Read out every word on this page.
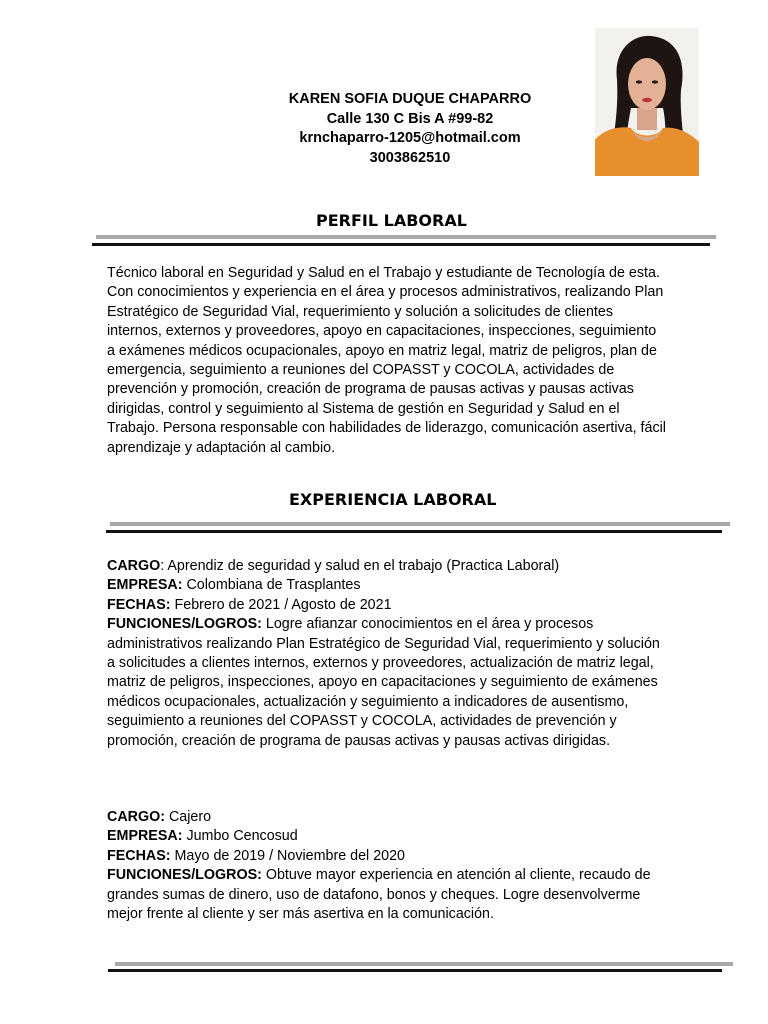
KAREN SOFIA DUQUE CHAPARRO
Calle 130 C Bis A #99-82
krnchaparro-1205@hotmail.com
3003862510
PERFIL LABORAL

Técnico laboral en Seguridad y Salud en el Trabajo y estudiante de Tecnología de esta. Con conocimientos y experiencia en el área y procesos administrativos, realizando Plan Estratégico de Seguridad Vial, requerimiento y solución a solicitudes de clientes internos, externos y proveedores, apoyo en capacitaciones, inspecciones, seguimiento a exámenes médicos ocupacionales, apoyo en matriz legal, matriz de peligros, plan de emergencia, seguimiento a reuniones del COPASST y COCOLA, actividades de prevención y promoción, creación de programa de pausas activas y pausas activas dirigidas, control y seguimiento al Sistema de gestión en Seguridad y Salud en el Trabajo. Persona responsable con habilidades de liderazgo, comunicación asertiva, fácil aprendizaje y adaptación al cambio.

EXPERIENCIA LABORAL

CARGO: Aprendiz de seguridad y salud en el trabajo (Practica Laboral)

EMPRESA: Colombiana de Trasplantes

FECHAS: Febrero de 2021 / Agosto de 2021

FUNCIONES/LOGROS: Logre afianzar conocimientos en el área y procesos administrativos realizando Plan Estratégico de Seguridad Vial, requerimiento y solución a solicitudes a clientes internos, externos y proveedores, actualización de matriz legal, matriz de peligros, inspecciones, apoyo en capacitaciones y seguimiento de exámenes médicos ocupacionales, actualización y seguimiento a indicadores de ausentismo, seguimiento a reuniones del COPASST y COCOLA, actividades de prevención y promoción, creación de programa de pausas activas y pausas activas dirigidas.

CARGO: Cajero

EMPRESA: Jumbo Cencosud

FECHAS: Mayo de 2019 / Noviembre del 2020

FUNCIONES/LOGROS: Obtuve mayor experiencia en atención al cliente, recaudo de grandes sumas de dinero, uso de datafono, bonos y cheques. Logre desenvolverme mejor frente al cliente y ser más asertiva en la comunicación.
